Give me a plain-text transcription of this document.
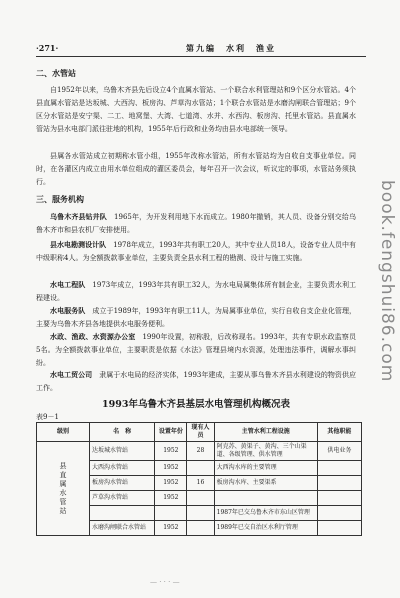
·271·	第九编　水利　渔业
二、水管站

自1952年以来，乌鲁木齐县先后设立4个直属水管站、一个联合水利管理站和9个区分水管站。4个县直属水管站是达坂城、大西沟、板房沟、芦草沟水管站；1个联合水管站是水磨沟闸联合管理站；9个区分水管站是安宁渠、二工、地窝堡、大湾、七道湾、水并、水西沟、板房沟、托里水管站。县直属水管站为县水电部门派往驻地的机构，1955年后行政和业务均由县水电部统一领导。

县属各水管站成立初期称水管小组，1955年改称水管站，所有水管站均为自收自支事业单位。同时，在各灌区内成立由用水单位组成的灌区委员会，每年召开一次会议，听议定的事项，水管站务须执行。

三、服务机构

乌鲁木齐县钻井队　 1965年，为开发利用地下水而成立。1980年撤销，其人员、设备分别交给乌鲁木齐市和县农机厂安排使用。

县水电勘测设计队　 1978年成立，1993年共有职工20人，其中专业人员18人，设备专业人员中有中级职称4人。为全额拨款事业单位，主要负责全县水利工程的勘测、设计与施工实施。

水电工程队　 1973年成立，1993年共有职工32人，为水电局属集体所有制企业，主要负责水利工程建设。

水电服务队　 成立于1989年，1993年有职工11人，为局属事业单位，实行自收自支企业化管理，主要为乌鲁木齐县各地提供水电服务便利。

水政、渔政、水资源办公室　 1990年设置，初称股，后改称现名。1993年，共有专职水政监察员5名。为全额拨款事业单位，主要职责是依据《水法》管理县境内水资源，处理违法事件，调解水事纠纷。

水电工贸公司　 隶属于水电局的经济实体，1993年建成，主要从事乌鲁木齐县水利建设的物资供应工作。

1993年乌鲁木齐县基层水电管理机构概况表
表9－1
级别	名　称	设置年份	现有人员	主管水利工程设施	其他职能
县直属水管站	达坂城水管站	1952	28	阿克苏、黄渠子、黄沟、三个山渠道、各级管理、供水管理	供电业务
	大西沟水管站	1952		大西沟水库的主要管理	
	板房沟水管站	1952	16	板房沟水库、主要渠系	
	芦草沟水管站	1952			
				1987年已交乌鲁木齐市东山区管理	
	水磨沟闸联合水管站	1952		1989年已交自治区水利厅管理	
book.fengshui86.com
— · · · —
